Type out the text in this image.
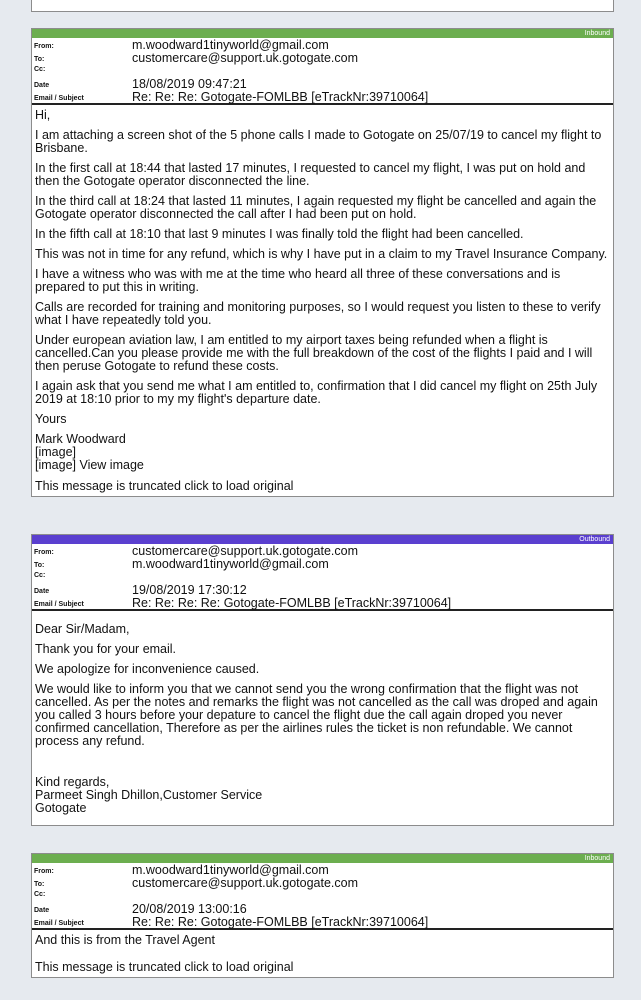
Inbound
From:	m.woodward1tinyworld@gmail.com
To:	customercare@support.uk.gotogate.com
Cc:
Date	18/08/2019 09:47:21
Email / Subject	Re: Re: Re: Gotogate-FOMLBB [eTrackNr:39710064]

Hi,

I am attaching a screen shot of the 5 phone calls I made to Gotogate on 25/07/19 to cancel my flight to Brisbane.

In the first call at 18:44 that lasted 17 minutes, I requested to cancel my flight, I was put on hold and then the Gotogate operator disconnected the line.

In the third call at 18:24 that lasted 11 minutes, I again requested my flight be cancelled and again the Gotogate operator disconnected the call after I had been put on hold.

In the fifth call at 18:10 that last 9 minutes I was finally told the flight had been cancelled.

This was not in time for any refund, which is why I have put in a claim to my Travel Insurance Company.

I have a witness who was with me at the time who heard all three of these conversations and is prepared to put this in writing.

Calls are recorded for training and monitoring purposes, so I would request you listen to these to verify what I have repeatedly told you.

Under european aviation law, I am entitled to my airport taxes being refunded when a flight is cancelled.Can you please provide me with the full breakdown of the cost of the flights I paid and I will then peruse Gotogate to refund these costs.

I again ask that you send me what I am entitled to, confirmation that I did cancel my flight on 25th July 2019 at 18:10 prior to my my flight's departure date.

Yours

Mark Woodward
[image]
[image] View image
This message is truncated click to load original
Outbound
From:	customercare@support.uk.gotogate.com
To:	m.woodward1tinyworld@gmail.com
Cc:
Date	19/08/2019 17:30:12
Email / Subject	Re: Re: Re: Re: Gotogate-FOMLBB [eTrackNr:39710064]

Dear Sir/Madam,

Thank you for your email.

We apologize for inconvenience caused.

We would like to inform you that we cannot send you the wrong confirmation that the flight was not cancelled. As per the notes and remarks the flight was not cancelled as the call was droped and again you called 3 hours before your depature to cancel the flight due the call again droped you never confirmed cancellation, Therefore as per the airlines rules the ticket is non refundable. We cannot process any refund.

Kind regards,
Parmeet Singh Dhillon,Customer Service
Gotogate
Inbound
From:	m.woodward1tinyworld@gmail.com
To:	customercare@support.uk.gotogate.com
Cc:
Date	20/08/2019 13:00:16
Email / Subject	Re: Re: Re: Gotogate-FOMLBB [eTrackNr:39710064]

And this is from the Travel Agent

This message is truncated click to load original
